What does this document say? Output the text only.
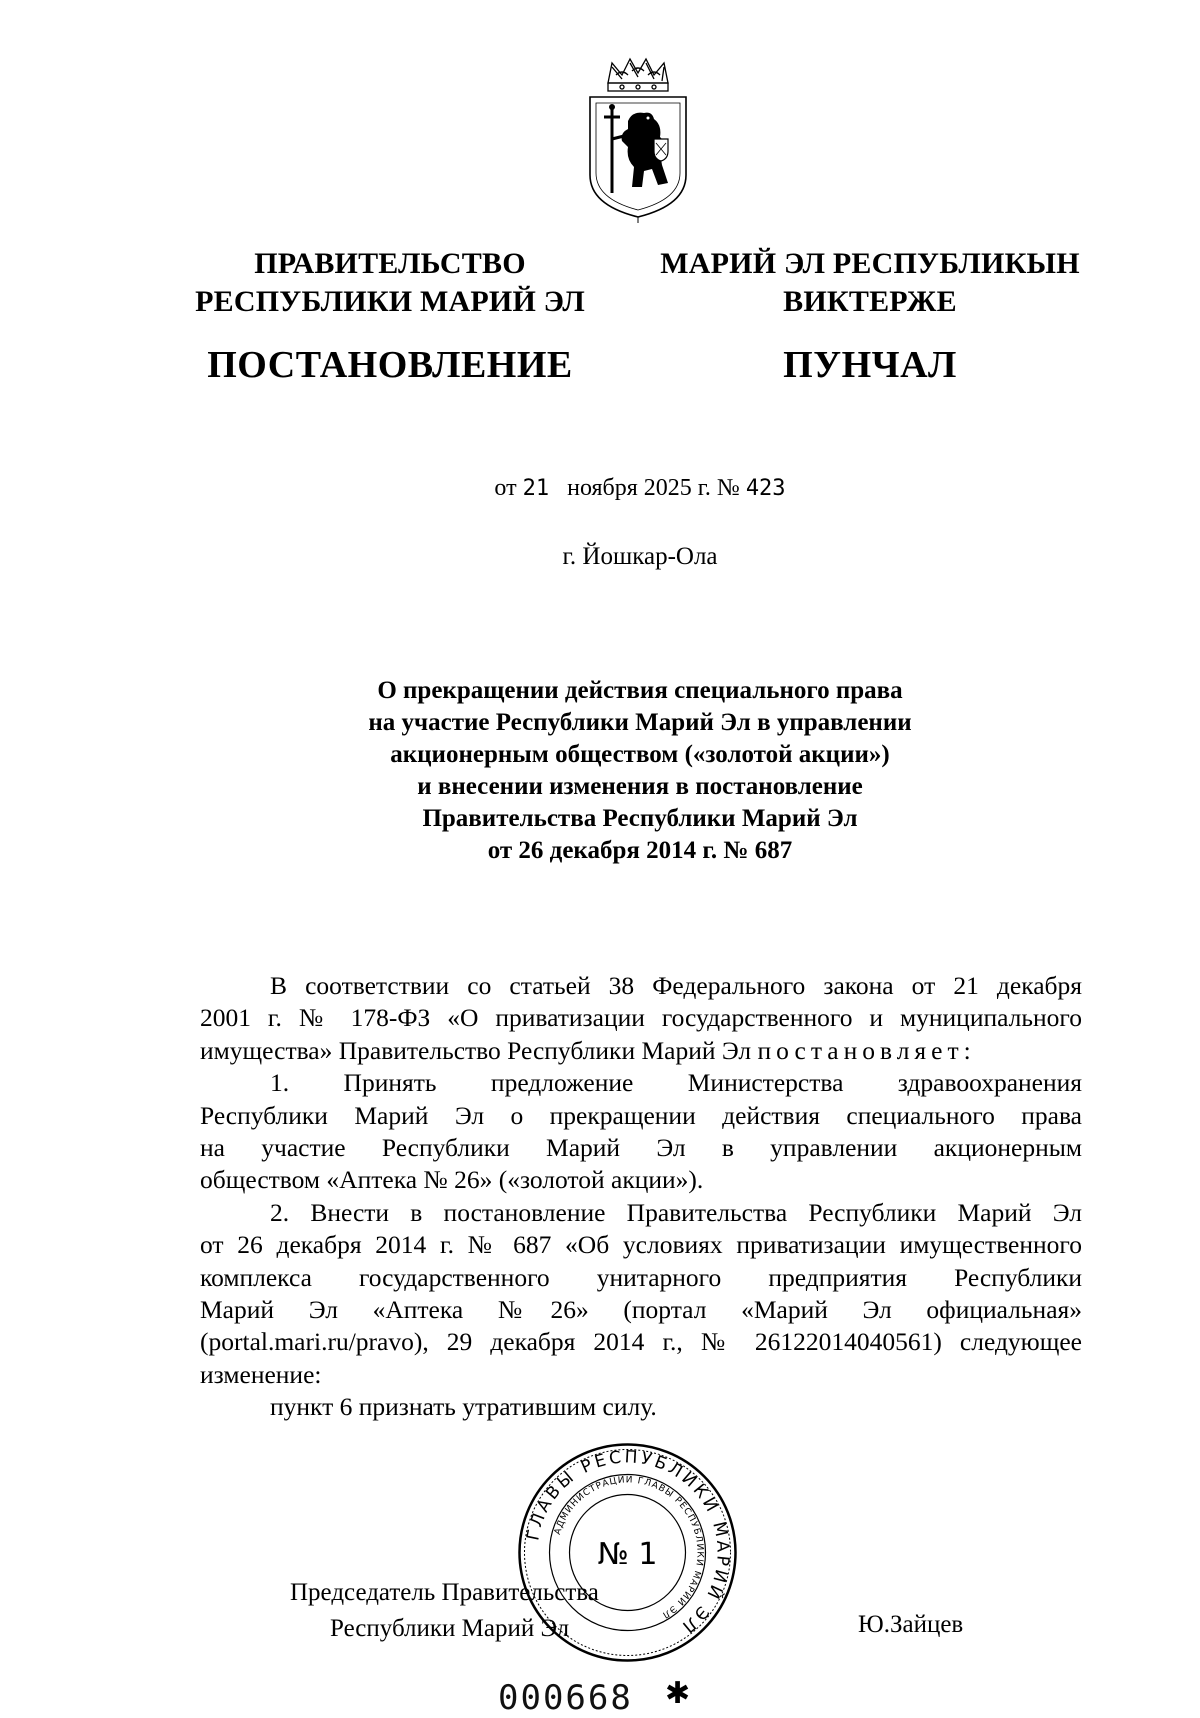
ПРАВИТЕЛЬСТВО
РЕСПУБЛИКИ МАРИЙ ЭЛ
ПОСТАНОВЛЕНИЕ
МАРИЙ ЭЛ РЕСПУБЛИКЫН
ВИКТЕРЖЕ
ПУНЧАЛ
от 21 ноября 2025 г. № 423
г. Йошкар-Ола
О прекращении действия специального права
на участие Республики Марий Эл в управлении
акционерным обществом («золотой акции»)
и внесении изменения в постановление
Правительства Республики Марий Эл
от 26 декабря 2014 г. № 687
В соответствии со статьей 38 Федерального закона от 21 декабря
2001 г. № 178-ФЗ «О приватизации государственного и муниципального
имущества» Правительство Республики Марий Эл постановляет:
1. Принять предложение Министерства здравоохранения
Республики Марий Эл о прекращении действия специального права
на участие Республики Марий Эл в управлении акционерным
обществом «Аптека № 26» («золотой акции»).
2. Внести в постановление Правительства Республики Марий Эл
от 26 декабря 2014 г. № 687 «Об условиях приватизации имущественного
комплекса государственного унитарного предприятия Республики
Марий Эл «Аптека №26» (портал «Марий Эл официальная»
(portal.mari.ru/pravo), 29 декабря 2014 г., № 26122014040561) следующее
изменение:
пункт 6 признать утратившим силу.
ГЛАВЫ РЕСПУБЛИКИ МАРИЙ ЭЛ
АДМИНИСТРАЦИИ ГЛАВЫ РЕСПУБЛИКИ МАРИЙ ЭЛ
№ 1
Председатель Правительства
Республики Марий Эл	Ю.Зайцев
000668 ✱
